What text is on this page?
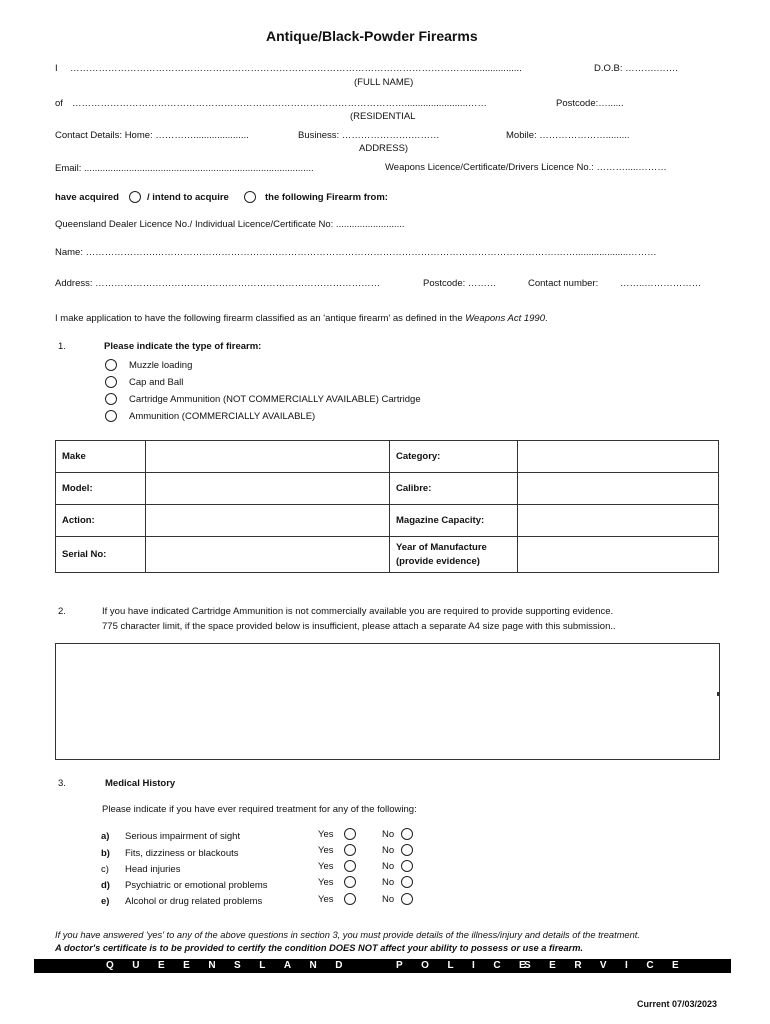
Antique/Black-Powder Firearms
I ………………………………………………………………………………………………………………....................	D.O.B: ……….…….
(FULL NAME)
of ……………………………………………………………………………………………........................……	Postcode:…......
(RESIDENTIAL
Contact Details: Home: ………….....................	Business: ………………….………	Mobile: ………………….........
ADDRESS)
Email: .......................................................................................	Weapons Licence/Certificate/Drivers Licence No.: ……….....………
have acquired	/ intend to acquire	the following Firearm from:
Queensland Dealer Licence No./ Individual Licence/Certificate No: ..........................
Name: ………………….……………………………………………………………………………………………………………….……....................………
Address: ………………………………………………………………………………	Postcode: ………	Contact number: ……..………………
I make application to have the following firearm classified as an 'antique firearm' as defined in the Weapons Act 1990.
1.	Please indicate the type of firearm:
Muzzle loading
Cap and Ball
Cartridge Ammunition (NOT COMMERCIALLY AVAILABLE) Cartridge
Ammunition (COMMERCIALLY AVAILABLE)
Make		Category:	
Model:		Calibre:	
Action:		Magazine Capacity:	
Serial No:		Year of Manufacture
(provide evidence)	

2.	If you have indicated Cartridge Ammunition is not commercially available you are required to provide supporting evidence.
775 character limit, if the space provided below is insufficient, please attach a separate A4 size page with this submission..
3.	Medical History
Please indicate if you have ever required treatment for any of the following:
a) Serious impairment of sight	Yes	No
b) Fits, dizziness or blackouts	Yes	No
c) Head injuries	Yes	No
d) Psychiatric or emotional problems	Yes	No
e) Alcohol or drug related problems	Yes	No
If you have answered 'yes' to any of the above questions in section 3, you must provide details of the illness/injury and details of the treatment.
A doctor's certificate is to be provided to certify the condition DOES NOT affect your ability to possess or use a firearm.
QUEENSLAND	POLICE
SERVICE
Current 07/03/2023
